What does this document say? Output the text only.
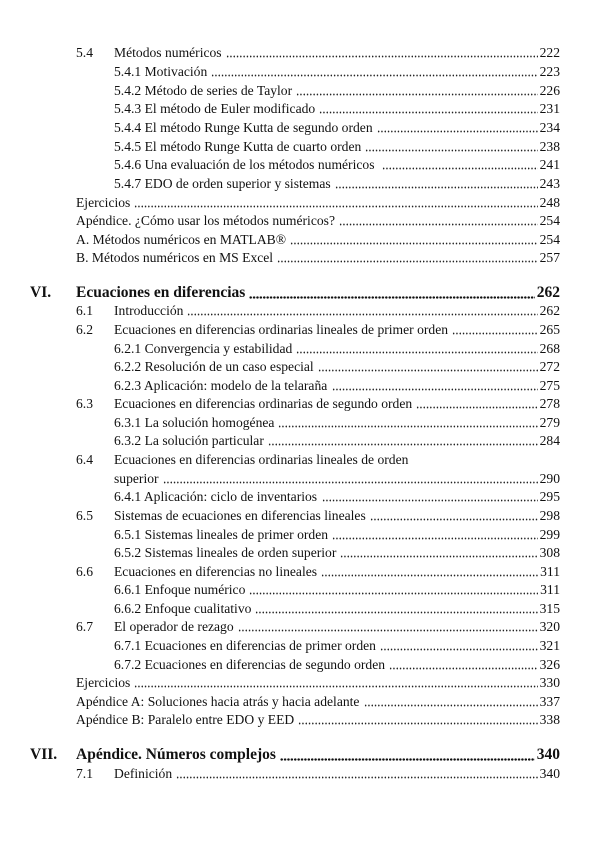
5.4 Métodos numéricos	222
5.4.1 Motivación	223
5.4.2 Método de series de Taylor	226
5.4.3 El método de Euler modificado	231
5.4.4 El método Runge Kutta de segundo orden	234
5.4.5 El método Runge Kutta de cuarto orden	238
5.4.6 Una evaluación de los métodos numéricos	241
5.4.7 EDO de orden superior y sistemas	243
Ejercicios	248
Apéndice. ¿Cómo usar los métodos numéricos?	254
A. Métodos numéricos en MATLAB®	254
B. Métodos numéricos en MS Excel	257
VI. Ecuaciones en diferencias	262
6.1 Introducción	262
6.2 Ecuaciones en diferencias ordinarias lineales de primer orden	265
6.2.1 Convergencia y estabilidad	268
6.2.2 Resolución de un caso especial	272
6.2.3 Aplicación: modelo de la telaraña	275
6.3 Ecuaciones en diferencias ordinarias de segundo orden	278
6.3.1 La solución homogénea	279
6.3.2 La solución particular	284
6.4 Ecuaciones en diferencias ordinarias lineales de orden
superior	290
6.4.1 Aplicación: ciclo de inventarios	295
6.5 Sistemas de ecuaciones en diferencias lineales	298
6.5.1 Sistemas lineales de primer orden	299
6.5.2 Sistemas lineales de orden superior	308
6.6 Ecuaciones en diferencias no lineales	311
6.6.1 Enfoque numérico	311
6.6.2 Enfoque cualitativo	315
6.7 El operador de rezago	320
6.7.1 Ecuaciones en diferencias de primer orden	321
6.7.2 Ecuaciones en diferencias de segundo orden	326
Ejercicios	330
Apéndice A: Soluciones hacia atrás y hacia adelante	337
Apéndice B: Paralelo entre EDO y EED	338
VII. Apéndice. Números complejos	340
7.1 Definición	340
